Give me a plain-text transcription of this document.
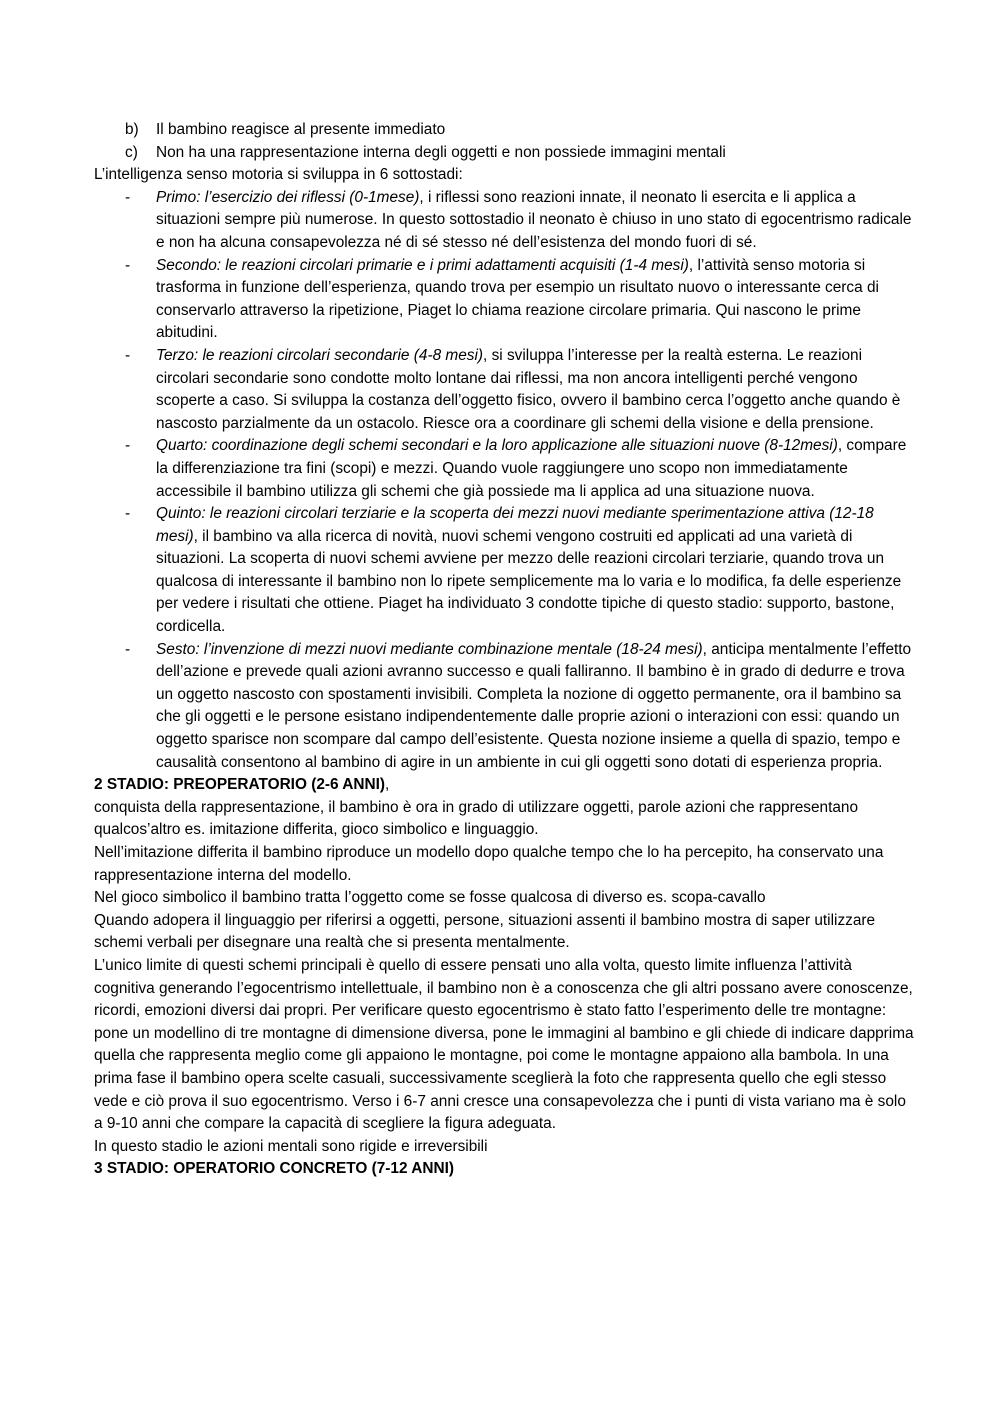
b) Il bambino reagisce al presente immediato
c) Non ha una rappresentazione interna degli oggetti e non possiede immagini mentali

L’intelligenza senso motoria si sviluppa in 6 sottostadi:

- Primo: l’esercizio dei riflessi (0-1mese), i riflessi sono reazioni innate, il neonato li esercita e li applica a situazioni sempre più numerose. In questo sottostadio il neonato è chiuso in uno stato di egocentrismo radicale e non ha alcuna consapevolezza né di sé stesso né dell’esistenza del mondo fuori di sé.
- Secondo: le reazioni circolari primarie e i primi adattamenti acquisiti (1-4 mesi), l’attività senso motoria si trasforma in funzione dell’esperienza, quando trova per esempio un risultato nuovo o interessante cerca di conservarlo attraverso la ripetizione, Piaget lo chiama reazione circolare primaria. Qui nascono le prime abitudini.
- Terzo: le reazioni circolari secondarie (4-8 mesi), si sviluppa l’interesse per la realtà esterna. Le reazioni circolari secondarie sono condotte molto lontane dai riflessi, ma non ancora intelligenti perché vengono scoperte a caso. Si sviluppa la costanza dell’oggetto fisico, ovvero il bambino cerca l’oggetto anche quando è nascosto parzialmente da un ostacolo. Riesce ora a coordinare gli schemi della visione e della prensione.
- Quarto: coordinazione degli schemi secondari e la loro applicazione alle situazioni nuove (8-12mesi), compare la differenziazione tra fini (scopi) e mezzi. Quando vuole raggiungere uno scopo non immediatamente accessibile il bambino utilizza gli schemi che già possiede ma li applica ad una situazione nuova.
- Quinto: le reazioni circolari terziarie e la scoperta dei mezzi nuovi mediante sperimentazione attiva (12-18 mesi), il bambino va alla ricerca di novità, nuovi schemi vengono costruiti ed applicati ad una varietà di situazioni. La scoperta di nuovi schemi avviene per mezzo delle reazioni circolari terziarie, quando trova un qualcosa di interessante il bambino non lo ripete semplicemente ma lo varia e lo modifica, fa delle esperienze per vedere i risultati che ottiene. Piaget ha individuato 3 condotte tipiche di questo stadio: supporto, bastone, cordicella.
- Sesto: l’invenzione di mezzi nuovi mediante combinazione mentale (18-24 mesi), anticipa mentalmente l’effetto dell’azione e prevede quali azioni avranno successo e quali falliranno. Il bambino è in grado di dedurre e trova un oggetto nascosto con spostamenti invisibili. Completa la nozione di oggetto permanente, ora il bambino sa che gli oggetti e le persone esistano indipendentemente dalle proprie azioni o interazioni con essi: quando un oggetto sparisce non scompare dal campo dell’esistente. Questa nozione insieme a quella di spazio, tempo e causalità consentono al bambino di agire in un ambiente in cui gli oggetti sono dotati di esperienza propria.

2 STADIO: PREOPERATORIO (2-6 ANNI),

conquista della rappresentazione, il bambino è ora in grado di utilizzare oggetti, parole azioni che rappresentano qualcos’altro es. imitazione differita, gioco simbolico e linguaggio.

Nell’imitazione differita il bambino riproduce un modello dopo qualche tempo che lo ha percepito, ha conservato una rappresentazione interna del modello.

Nel gioco simbolico il bambino tratta l’oggetto come se fosse qualcosa di diverso es. scopa-cavallo

Quando adopera il linguaggio per riferirsi a oggetti, persone, situazioni assenti il bambino mostra di saper utilizzare schemi verbali per disegnare una realtà che si presenta mentalmente.

L’unico limite di questi schemi principali è quello di essere pensati uno alla volta, questo limite influenza l’attività cognitiva generando l’egocentrismo intellettuale, il bambino non è a conoscenza che gli altri possano avere conoscenze, ricordi, emozioni diversi dai propri. Per verificare questo egocentrismo è stato fatto l’esperimento delle tre montagne: pone un modellino di tre montagne di dimensione diversa, pone le immagini al bambino e gli chiede di indicare dapprima quella che rappresenta meglio come gli appaiono le montagne, poi come le montagne appaiono alla bambola. In una prima fase il bambino opera scelte casuali, successivamente sceglierà la foto che rappresenta quello che egli stesso vede e ciò prova il suo egocentrismo. Verso i 6-7 anni cresce una consapevolezza che i punti di vista variano ma è solo a 9-10 anni che compare la capacità di scegliere la figura adeguata.

In questo stadio le azioni mentali sono rigide e irreversibili

3 STADIO: OPERATORIO CONCRETO (7-12 ANNI)
